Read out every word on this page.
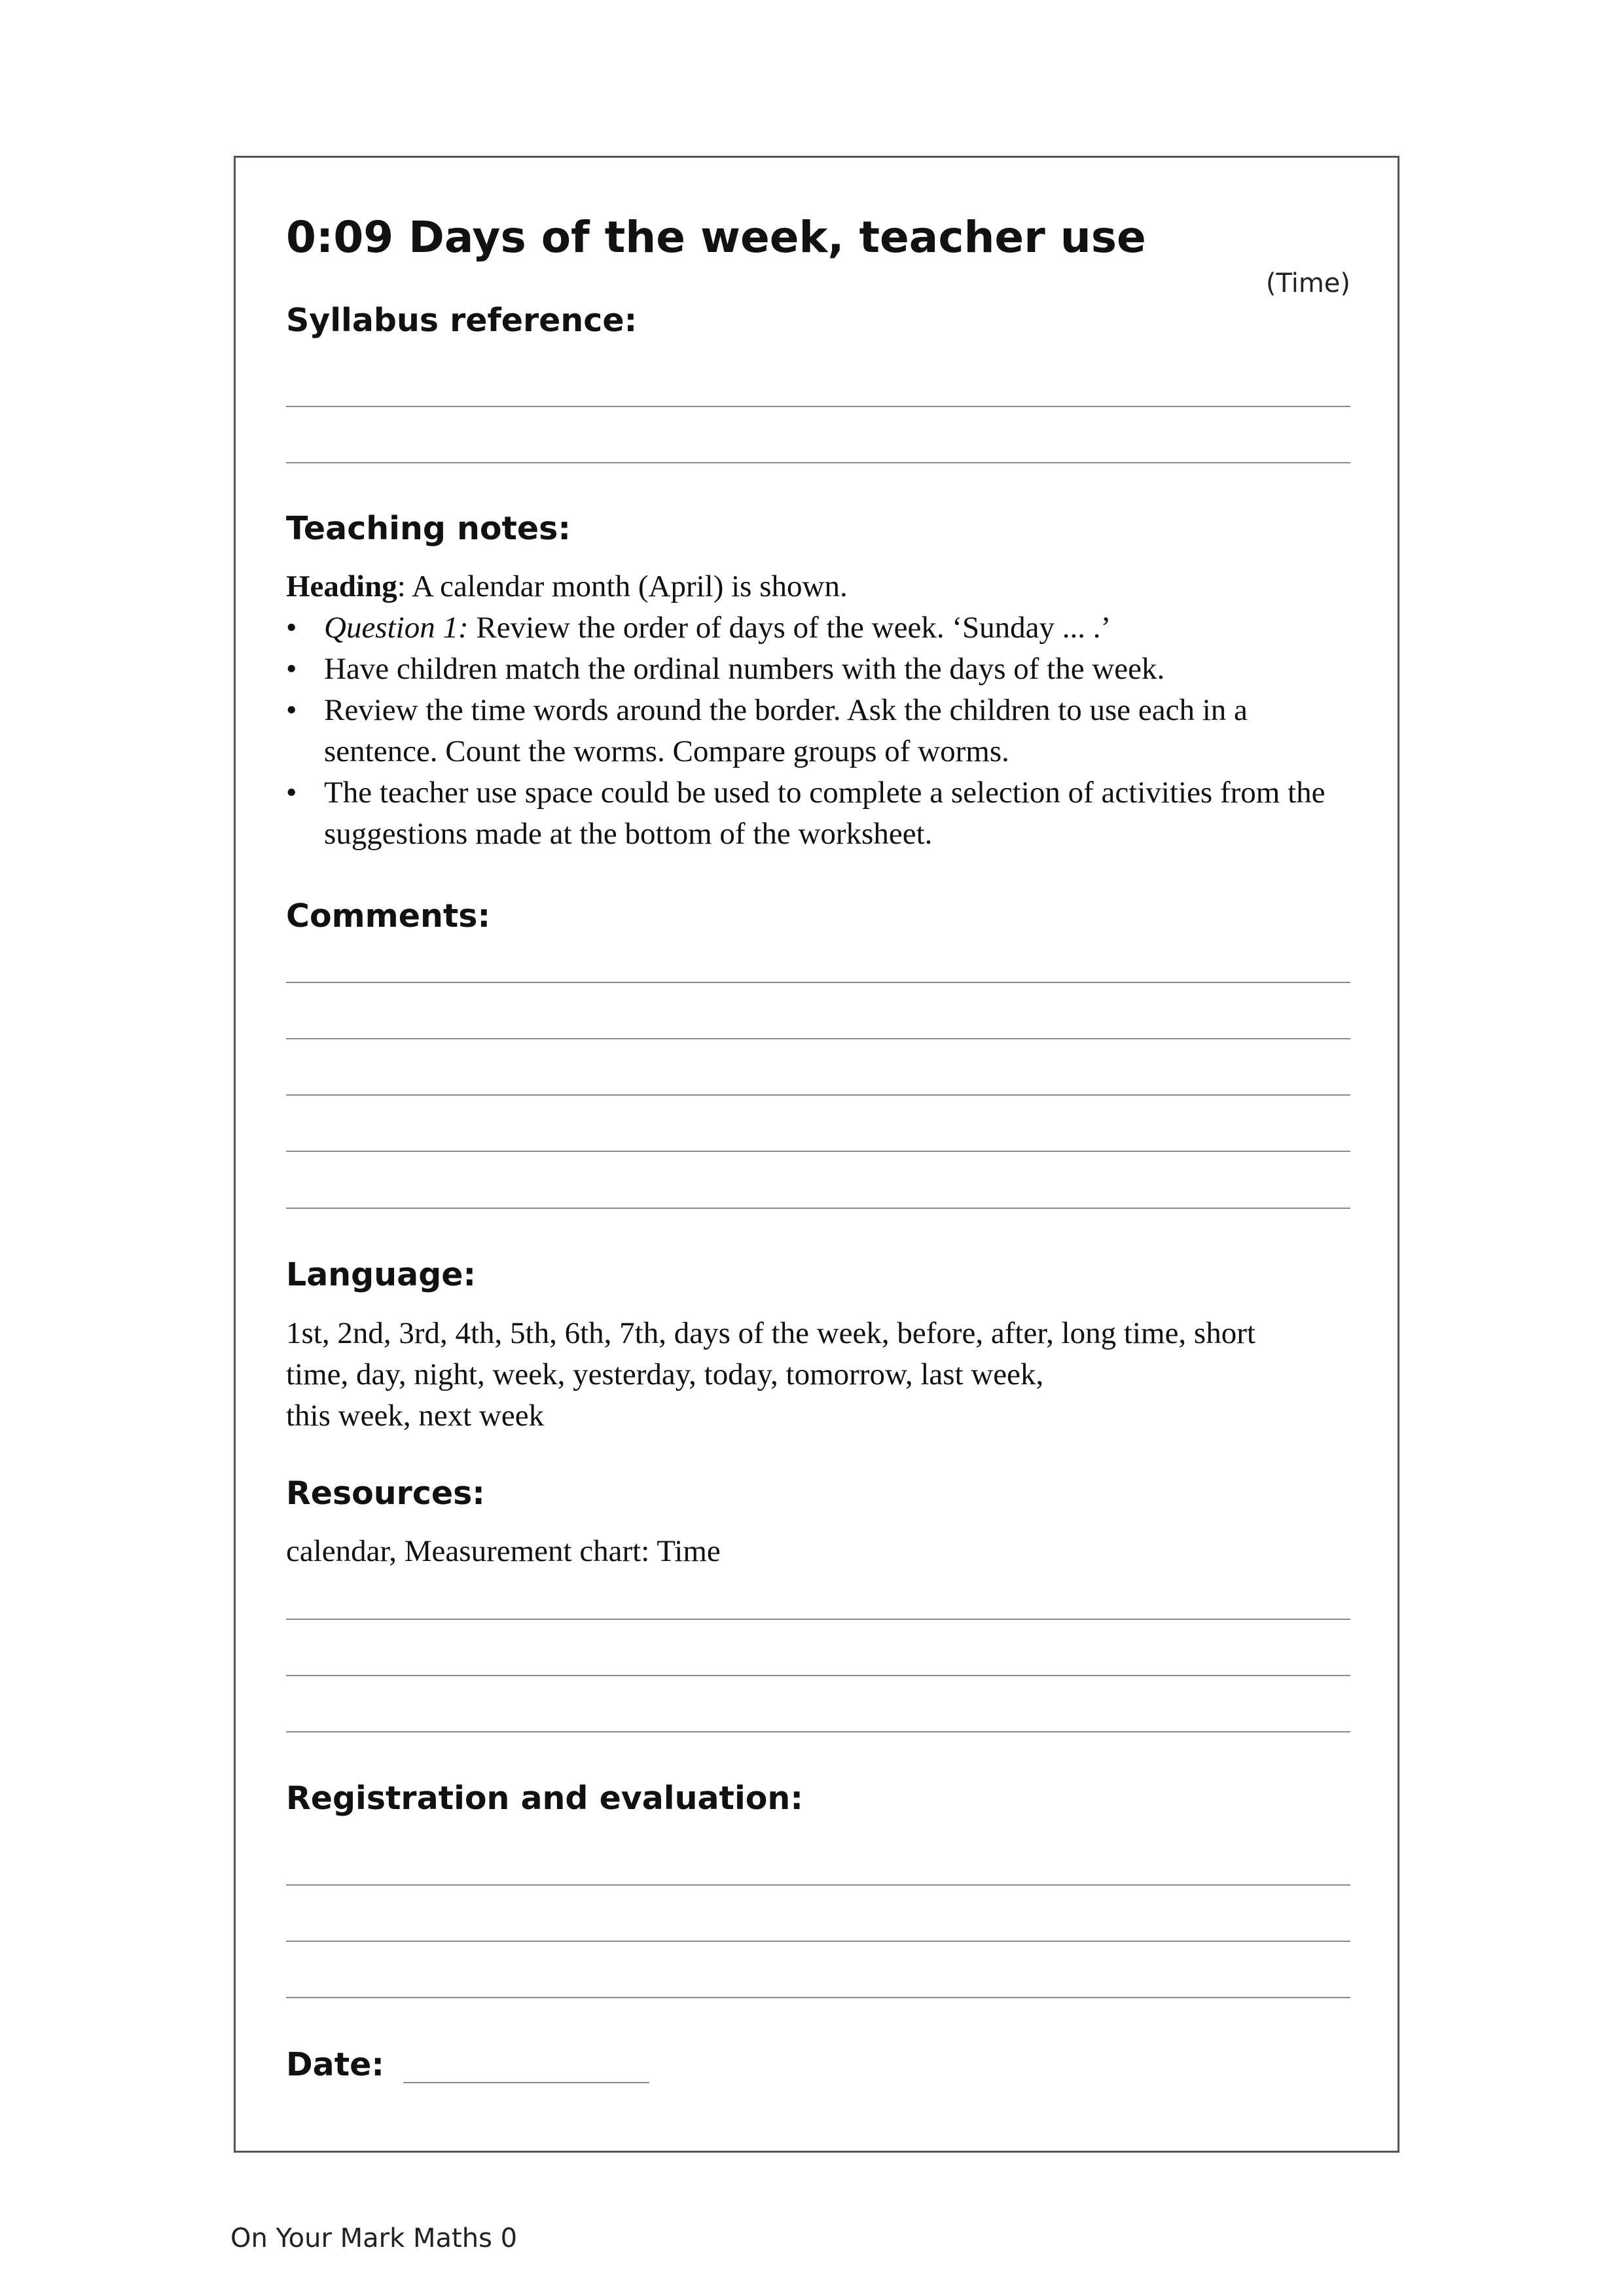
0:09 Days of the week, teacher use
(Time)
Syllabus reference:
Teaching notes:

Heading: A calendar month (April) is shown.

• Question 1: Review the order of days of the week. ‘Sunday ... .’
• Have children match the ordinal numbers with the days of the week.
• Review the time words around the border. Ask the children to use each in a sentence. Count the worms. Compare groups of worms.
• The teacher use space could be used to complete a selection of activities from the suggestions made at the bottom of the worksheet.
Comments:
Language:

1st, 2nd, 3rd, 4th, 5th, 6th, 7th, days of the week, before, after, long time, short

time, day, night, week, yesterday, today, tomorrow, last week,

this week, next week

Resources:

calendar, Measurement chart: Time

Registration and evaluation:
Date:
On Your Mark Maths 0
